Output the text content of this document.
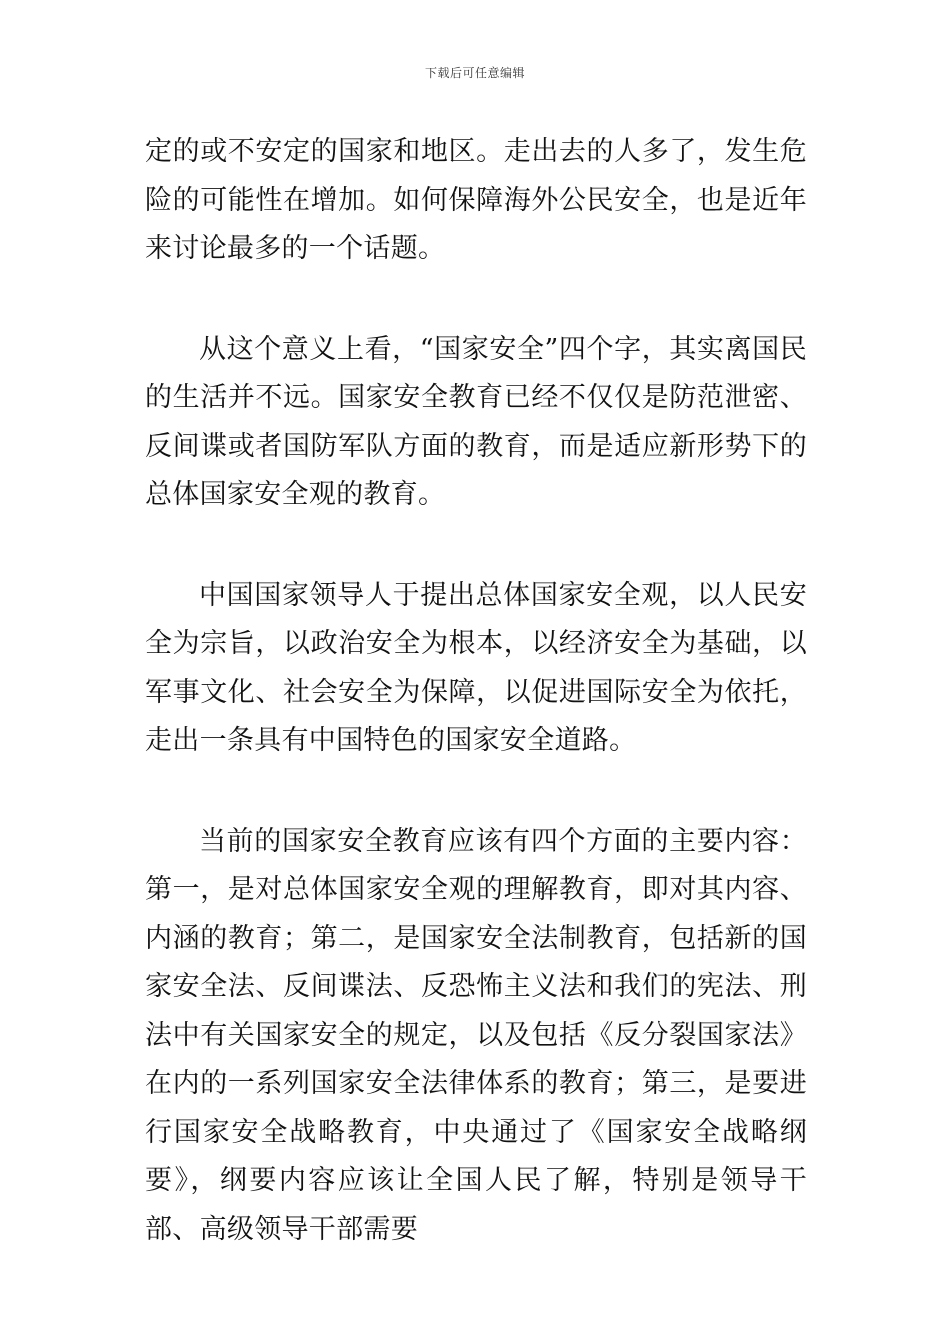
下载后可任意编辑

定的或不安定的国家和地区。走出去的人多了，发生危险的可能性在增加。如何保障海外公民安全，也是近年来讨论最多的一个话题。

从这个意义上看，“国家安全”四个字，其实离国民的生活并不远。国家安全教育已经不仅仅是防范泄密、反间谍或者国防军队方面的教育，而是适应新形势下的总体国家安全观的教育。

中国国家领导人于提出总体国家安全观，以人民安全为宗旨，以政治安全为根本，以经济安全为基础，以军事文化、社会安全为保障，以促进国际安全为依托，走出一条具有中国特色的国家安全道路。

当前的国家安全教育应该有四个方面的主要内容：第一，是对总体国家安全观的理解教育，即对其内容、内涵的教育；第二，是国家安全法制教育，包括新的国家安全法、反间谍法、反恐怖主义法和我们的宪法、刑法中有关国家安全的规定，以及包括《反分裂国家法》在内的一系列国家安全法律体系的教育；第三，是要进行国家安全战略教育，中央通过了《国家安全战略纲要》，纲要内容应该让全国人民了解，特别是领导干部、高级领导干部需要
